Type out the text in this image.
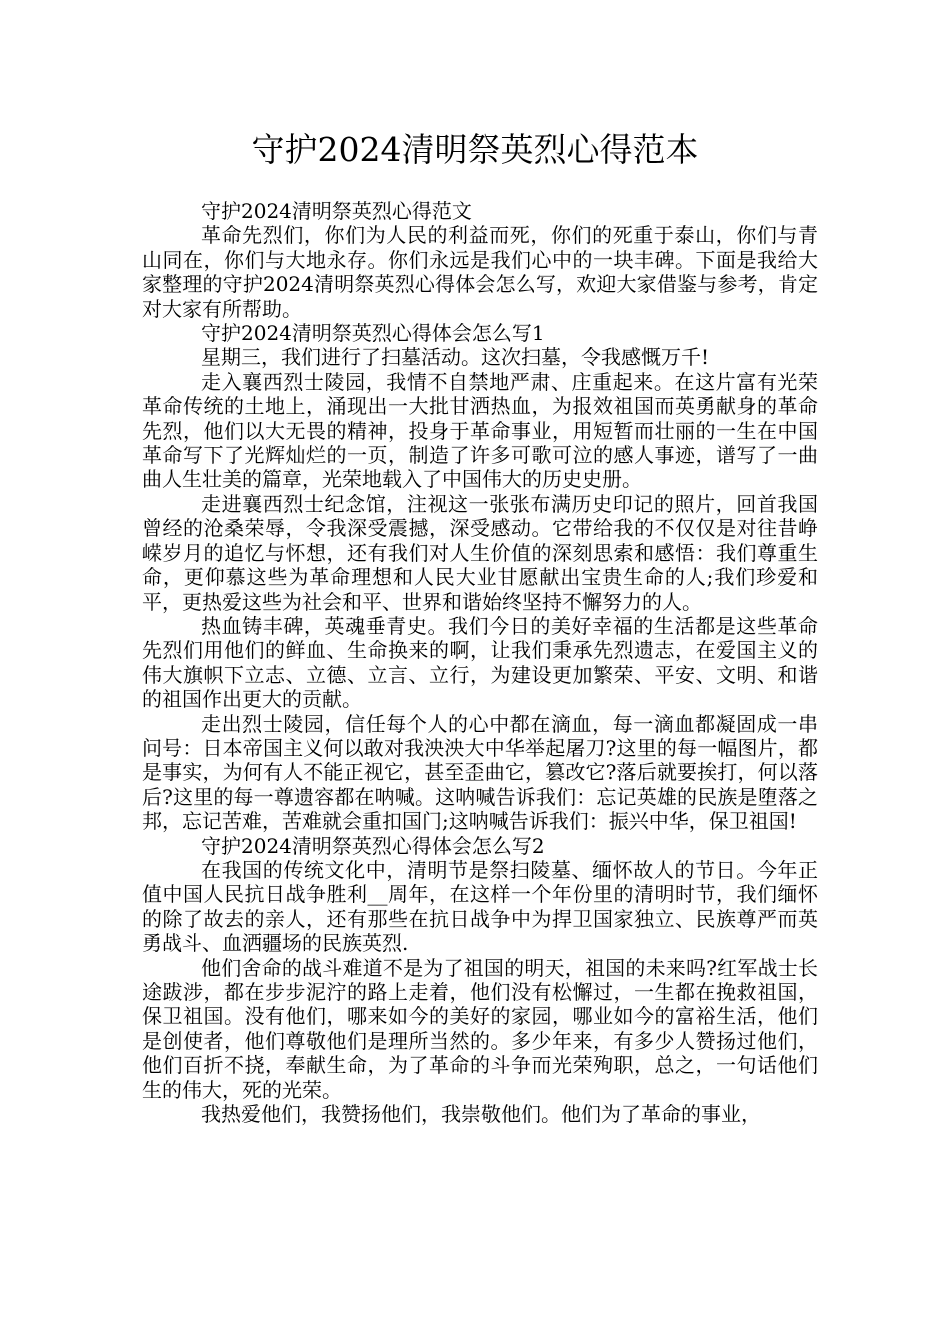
守护2024清明祭英烈心得范本

守护2024清明祭英烈心得范文

革命先烈们，你们为人民的利益而死，你们的死重于泰山，你们与青山同在，你们与大地永存。你们永远是我们心中的一块丰碑。下面是我给大家整理的守护2024清明祭英烈心得体会怎么写，欢迎大家借鉴与参考，肯定对大家有所帮助。

守护2024清明祭英烈心得体会怎么写1

星期三，我们进行了扫墓活动。这次扫墓，令我感慨万千!

走入襄西烈士陵园，我情不自禁地严肃、庄重起来。在这片富有光荣革命传统的土地上，涌现出一大批甘洒热血，为报效祖国而英勇献身的革命先烈，他们以大无畏的精神，投身于革命事业，用短暂而壮丽的一生在中国革命写下了光辉灿烂的一页，制造了许多可歌可泣的感人事迹，谱写了一曲曲人生壮美的篇章，光荣地载入了中国伟大的历史史册。

走进襄西烈士纪念馆，注视这一张张布满历史印记的照片，回首我国曾经的沧桑荣辱，令我深受震撼，深受感动。它带给我的不仅仅是对往昔峥嵘岁月的追忆与怀想，还有我们对人生价值的深刻思索和感悟：我们尊重生命，更仰慕这些为革命理想和人民大业甘愿献出宝贵生命的人;我们珍爱和平，更热爱这些为社会和平、世界和谐始终坚持不懈努力的人。

热血铸丰碑，英魂垂青史。我们今日的美好幸福的生活都是这些革命先烈们用他们的鲜血、生命换来的啊，让我们秉承先烈遗志，在爱国主义的伟大旗帜下立志、立德、立言、立行，为建设更加繁荣、平安、文明、和谐的祖国作出更大的贡献。

走出烈士陵园，信任每个人的心中都在滴血，每一滴血都凝固成一串问号：日本帝国主义何以敢对我泱泱大中华举起屠刀?这里的每一幅图片，都是事实，为何有人不能正视它，甚至歪曲它，篡改它?落后就要挨打，何以落后?这里的每一尊遗容都在呐喊。这呐喊告诉我们：忘记英雄的民族是堕落之邦，忘记苦难，苦难就会重扣国门;这呐喊告诉我们：振兴中华，保卫祖国!

守护2024清明祭英烈心得体会怎么写2

在我国的传统文化中，清明节是祭扫陵墓、缅怀故人的节日。今年正值中国人民抗日战争胜利__周年，在这样一个年份里的清明时节，我们缅怀的除了故去的亲人，还有那些在抗日战争中为捍卫国家独立、民族尊严而英勇战斗、血洒疆场的民族英烈.

他们舍命的战斗难道不是为了祖国的明天，祖国的未来吗?红军战士长途跋涉，都在步步泥泞的路上走着，他们没有松懈过，一生都在挽救祖国，保卫祖国。没有他们，哪来如今的美好的家园，哪业如今的富裕生活，他们是创使者，他们尊敬他们是理所当然的。多少年来，有多少人赞扬过他们，他们百折不挠，奉献生命，为了革命的斗争而光荣殉职，总之，一句话他们生的伟大，死的光荣。

我热爱他们，我赞扬他们，我崇敬他们。他们为了革命的事业，
